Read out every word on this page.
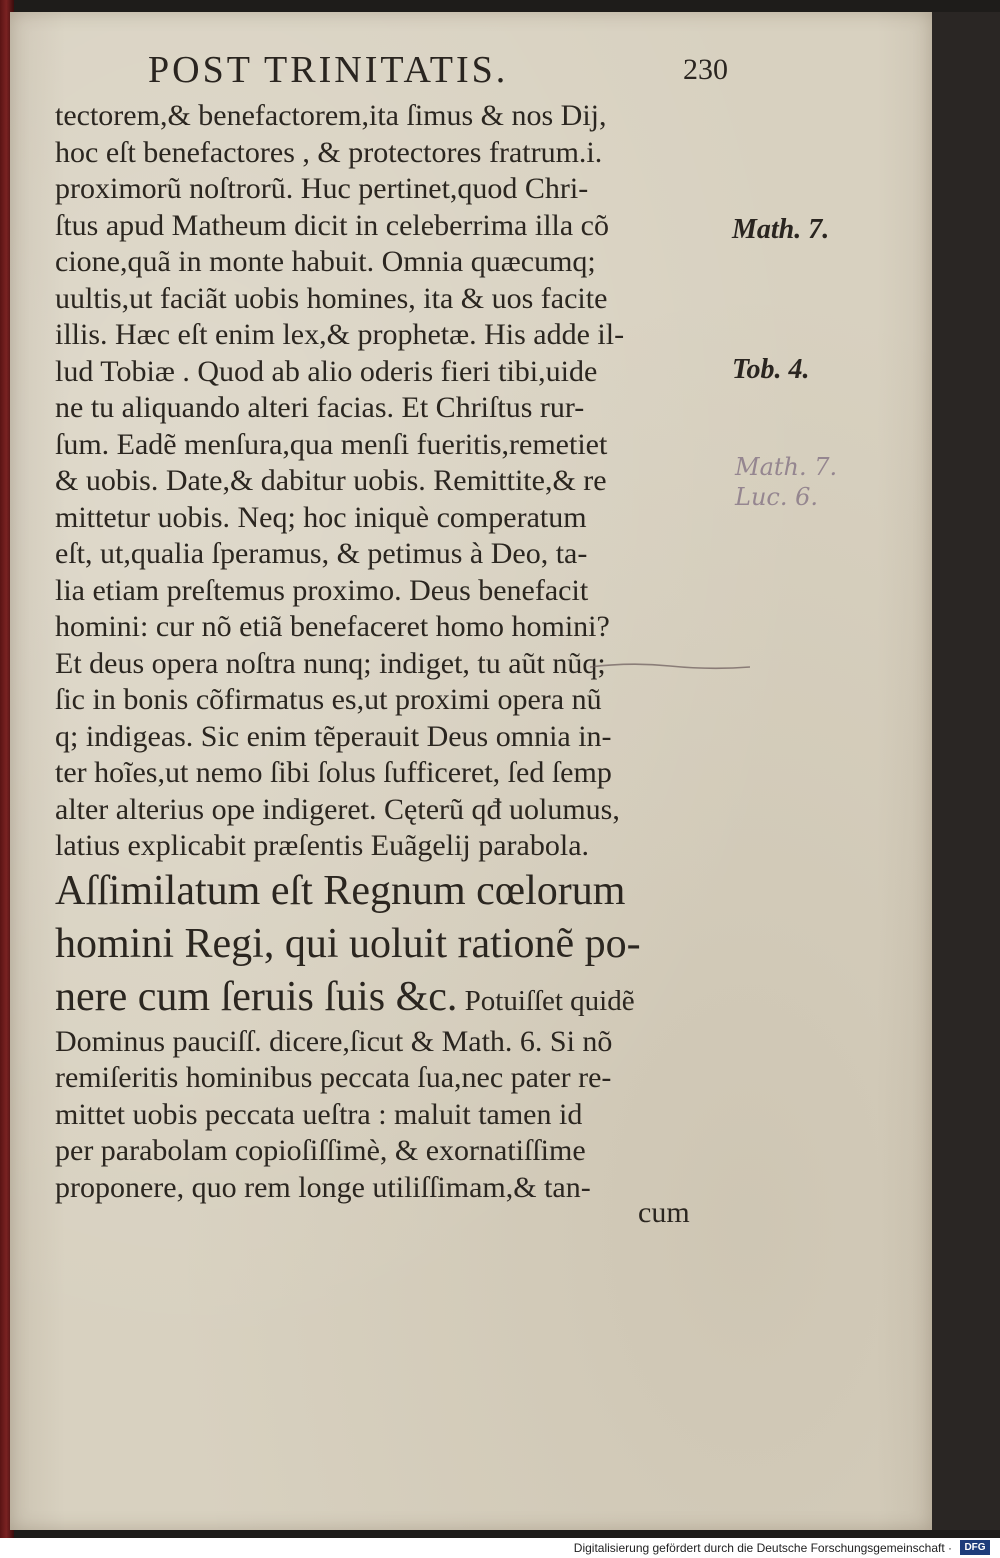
POST TRINITATIS.	230
tectorem,& benefactorem,ita ſimus & nos Dij,
hoc eſt benefactores , & protectores fratrum.i.
proximorũ noſtrorũ. Huc pertinet,quod Chri-
ſtus apud Matheum dicit in celeberrima illa cõ
cione,quã in monte habuit. Omnia quæcumq;
uultis,ut faciãt uobis homines, ita & uos facite
illis. Hæc eſt enim lex,& prophetæ. His adde il-
lud Tobiæ . Quod ab alio oderis fieri tibi,uide
ne tu aliquando alteri facias. Et Chriſtus rur-
ſum. Eadẽ menſura,qua menſi fueritis,remetiet
& uobis. Date,& dabitur uobis. Remittite,& re
mittetur uobis. Neq; hoc iniquè comperatum
eſt, ut,qualia ſperamus, & petimus à Deo, ta-
lia etiam preſtemus proximo. Deus benefacit
homini: cur nõ etiã benefaceret homo homini?
Et deus opera noſtra nunq; indiget, tu aũt nũq;
ſic in bonis cõfirmatus es,ut proximi opera nũ
q; indigeas. Sic enim tẽperauit Deus omnia in-
ter hoĩes,ut nemo ſibi ſolus ſufficeret, ſed ſemp
alter alterius ope indigeret. Cęterũ qđ uolumus,
latius explicabit præſentis Euãgelij parabola.
Aſſimilatum eſt Regnum cœlorum
homini Regi, qui uoluit rationẽ po-
nere cum ſeruis ſuis &c. Potuiſſet quidẽ
Dominus pauciſſ. dicere,ſicut & Math. 6. Si nõ
remiſeritis hominibus peccata ſua,nec pater re-
mittet uobis peccata ueſtra : maluit tamen id
per parabolam copioſiſſimè, & exornatiſſime
proponere, quo rem longe utiliſſimam,& tan-
cum
Math. 7.
Tob. 4.
Math. 7.
Luc. 6.
Digitalisierung gefördert durch die Deutsche Forschungsgemeinschaft ·	DFG
